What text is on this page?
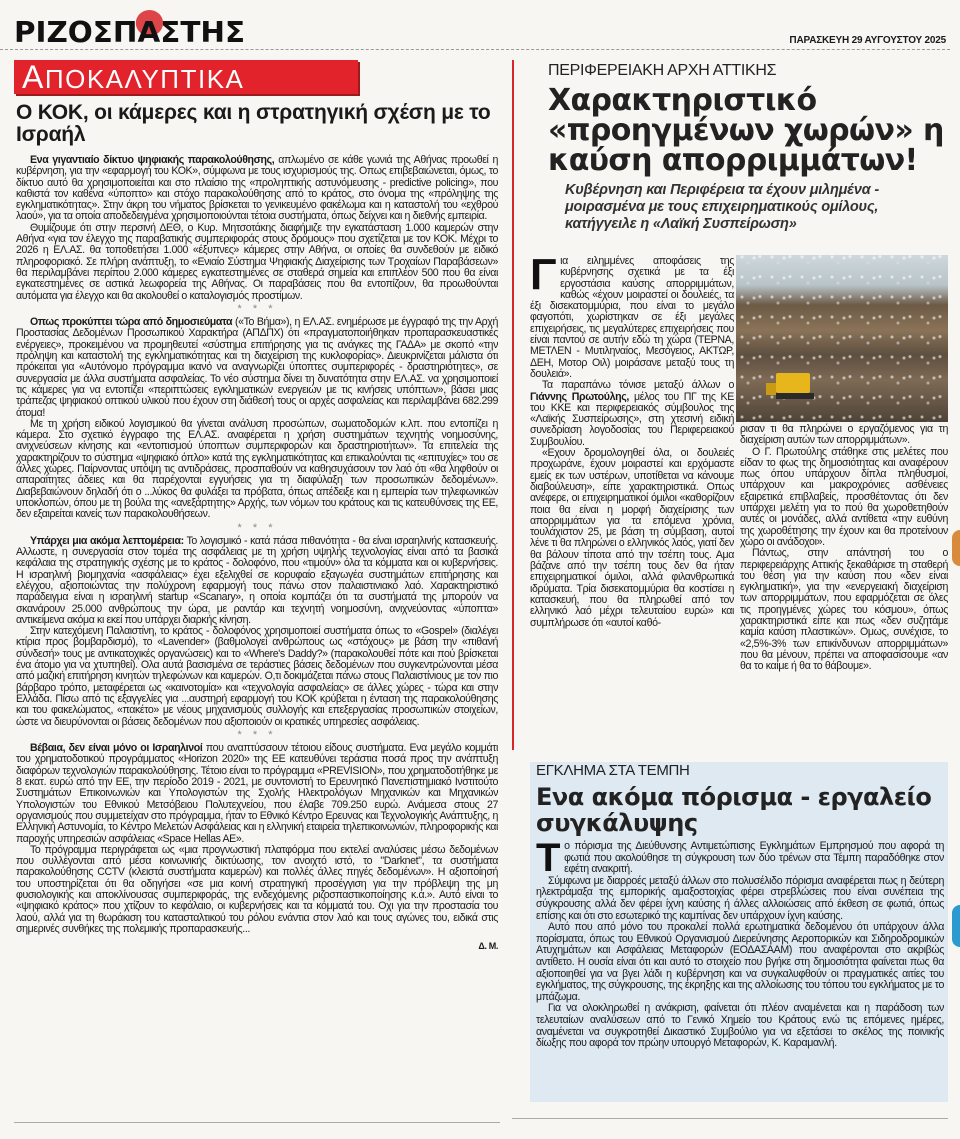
ΡΙΖΟΣΠΑΣΤΗΣ	ΠΑΡΑΣΚΕΥΗ 29 ΑΥΓΟΥΣΤΟΥ 2025
ΑΠΟΚΑΛΥΠΤΙΚΑ
Ο ΚΟΚ, οι κάμερες και η στρατηγική σχέση με το Ισραήλ

Ενα γιγαντιαίο δίκτυο ψηφιακής παρακολούθησης, απλωμένο σε κάθε γωνιά της Αθήνας προωθεί η κυβέρνηση, για την «εφαρμογή του ΚΟΚ», σύμφωνα με τους ισχυρισμούς της. Οπως επιβεβαιώνεται, όμως, το δίκτυο αυτό θα χρησιμοποιείται και στο πλαίσιο της «προληπτικής αστυνόμευσης - predictive policing», που καθιστά τον καθένα «ύποπτο» και στόχο παρακολούθησης από το κράτος, στο όνομα της «πρόληψης της εγκληματικότητας». Στην άκρη του νήματος βρίσκεται το γενικευμένο φακέλωμα και η καταστολή του «εχθρού λαού», για τα οποία αποδεδειγμένα χρησιμοποιούνται τέτοια συστήματα, όπως δείχνει και η διεθνής εμπειρία.

Θυμίζουμε ότι στην περσινή ΔΕΘ, ο Κυρ. Μητσοτάκης διαφήμιζε την εγκατάσταση 1.000 καμερών στην Αθήνα «για τον έλεγχο της παραβατικής συμπεριφοράς στους δρόμους» που σχετίζεται με τον ΚΟΚ. Μέχρι το 2026 η ΕΛ.ΑΣ. θα τοποθετήσει 1.000 «έξυπνες» κάμερες στην Αθήνα, οι οποίες θα συνδεθούν με ειδικό πληροφοριακό. Σε πλήρη ανάπτυξη, το «Ενιαίο Σύστημα Ψηφιακής Διαχείρισης των Τροχαίων Παραβάσεων» θα περιλαμβάνει περίπου 2.000 κάμερες εγκατεστημένες σε σταθερά σημεία και επιπλέον 500 που θα είναι εγκατεστημένες σε αστικά λεωφορεία της Αθήνας. Οι παραβάσεις που θα εντοπίζουν, θα προωθούνται αυτόματα για έλεγχο και θα ακολουθεί ο καταλογισμός προστίμων.

* * *

Οπως προκύπτει τώρα από δημοσιεύματα («Το Βήμα»), η ΕΛ.ΑΣ. ενημέρωσε με έγγραφό της την Αρχή Προστασίας Δεδομένων Προσωπικού Χαρακτήρα (ΑΠΔΠΧ) ότι «πραγματοποιήθηκαν προπαρασκευαστικές ενέργειες», προκειμένου να προμηθευτεί «σύστημα επιτήρησης για τις ανάγκες της ΓΑΔΑ» με σκοπό «την πρόληψη και καταστολή της εγκληματικότητας και τη διαχείριση της κυκλοφορίας». Διευκρινίζεται μάλιστα ότι πρόκειται για «Αυτόνομο πρόγραμμα ικανό να αναγνωρίζει ύποπτες συμπεριφορές - δραστηριότητες», σε συνεργασία με άλλα συστήματα ασφαλείας. Το νέο σύστημα δίνει τη δυνατότητα στην ΕΛ.ΑΣ. να χρησιμοποιεί τις κάμερες για να εντοπίζει «περιπτώσεις εγκληματικών ενεργειών με τις κινήσεις υπόπτων», βάσει μιας τράπεζας ψηφιακού οπτικού υλικού που έχουν στη διάθεσή τους οι αρχές ασφαλείας και περιλαμβάνει 682.299 άτομα!

Με τη χρήση ειδικού λογισμικού θα γίνεται ανάλυση προσώπων, σωματοδομών κ.λπ. που εντοπίζει η κάμερα. Στο σχετικό έγγραφο της ΕΛ.ΑΣ. αναφέρεται η χρήση συστημάτων τεχνητής νοημοσύνης, ανιχνεύσεων κίνησης και «εντοπισμού ύποπτων συμπεριφορών και δραστηριοτήτων». Τα επιτελεία της χαρακτηρίζουν το σύστημα «ψηφιακό όπλο» κατά της εγκληματικότητας και επικαλούνται τις «επιτυχίες» του σε άλλες χώρες. Παίρνοντας υπόψη τις αντιδράσεις, προσπαθούν να καθησυχάσουν τον λαό ότι «θα ληφθούν οι απαραίτητες άδειες και θα παρέχονται εγγυήσεις για τη διαφύλαξη των προσωπικών δεδομένων». Διαβεβαιώνουν δηλαδή ότι ο ...λύκος θα φυλάξει τα πρόβατα, όπως απέδειξε και η εμπειρία των τηλεφωνικών υποκλοπών, όπου με τη βούλα της «ανεξάρτητης» Αρχής, των νόμων του κράτους και τις κατευθύνσεις της ΕΕ, δεν εξαιρείται κανείς των παρακολουθήσεων.

* * *

Υπάρχει μια ακόμα λεπτομέρεια: Το λογισμικό - κατά πάσα πιθανότητα - θα είναι ισραηλινής κατασκευής. Αλλωστε, η συνεργασία στον τομέα της ασφάλειας με τη χρήση υψηλής τεχνολογίας είναι από τα βασικά κεφάλαια της στρατηγικής σχέσης με το κράτος - δολοφόνο, που «τιμούν» όλα τα κόμματα και οι κυβερνήσεις. Η ισραηλινή βιομηχανία «ασφάλειας» έχει εξελιχθεί σε κορυφαίο εξαγωγέα συστημάτων επιτήρησης και ελέγχου, αξιοποιώντας την πολύχρονη εφαρμογή τους πάνω στον παλαιστινιακό λαό. Χαρακτηριστικό παράδειγμα είναι η ισραηλινή startup «Scanary», η οποία κομπάζει ότι τα συστήματά της μπορούν να σκανάρουν 25.000 ανθρώπους την ώρα, με ραντάρ και τεχνητή νοημοσύνη, ανιχνεύοντας «ύποπτα» αντικείμενα ακόμα κι εκεί που υπάρχει διαρκής κίνηση.

Στην κατεχόμενη Παλαιστίνη, το κράτος - δολοφόνος χρησιμοποιεί συστήματα όπως το «Gospel» (διαλέγει κτίρια προς βομβαρδισμό), το «Lavender» (βαθμολογεί ανθρώπους ως «στόχους» με βάση την «πιθανή σύνδεσή» τους με αντικατοχικές οργανώσεις) και το «Where's Daddy?» (παρακολουθεί πότε και πού βρίσκεται ένα άτομο για να χτυπηθεί). Ολα αυτά βασισμένα σε τεράστιες βάσεις δεδομένων που συγκεντρώνονται μέσα από μαζική επιτήρηση κινητών τηλεφώνων και καμερών. Ο,τι δοκιμάζεται πάνω στους Παλαιστίνιους με τον πιο βάρβαρο τρόπο, μεταφέρεται ως «καινοτομία» και «τεχνολογία ασφαλείας» σε άλλες χώρες - τώρα και στην Ελλάδα. Πίσω από τις εξαγγελίες για ...αυστηρή εφαρμογή του ΚΟΚ κρύβεται η ένταση της παρακολούθησης και του φακελώματος, «πακέτο» με νέους μηχανισμούς συλλογής και επεξεργασίας προσωπικών στοιχείων, ώστε να διευρύνονται οι βάσεις δεδομένων που αξιοποιούν οι κρατικές υπηρεσίες ασφάλειας.

* * *

Βέβαια, δεν είναι μόνο οι Ισραηλινοί που αναπτύσσουν τέτοιου είδους συστήματα. Ενα μεγάλο κομμάτι του χρηματοδοτικού προγράμματος «Horizon 2020» της ΕΕ κατευθύνει τεράστια ποσά προς την ανάπτυξη διαφόρων τεχνολογιών παρακολούθησης. Τέτοιο είναι το πρόγραμμα «PREVISION», που χρηματοδοτήθηκε με 8 εκατ. ευρώ από την ΕΕ, την περίοδο 2019 - 2021, με συντονιστή το Ερευνητικό Πανεπιστημιακό Ινστιτούτο Συστημάτων Επικοινωνιών και Υπολογιστών της Σχολής Ηλεκτρολόγων Μηχανικών και Μηχανικών Υπολογιστών του Εθνικού Μετσόβειου Πολυτεχνείου, που έλαβε 709.250 ευρώ. Ανάμεσα στους 27 οργανισμούς που συμμετείχαν στο πρόγραμμα, ήταν το Εθνικό Κέντρο Ερευνας και Τεχνολογικής Ανάπτυξης, η Ελληνική Αστυνομία, το Κέντρο Μελετών Ασφάλειας και η ελληνική εταιρεία τηλεπικοινωνιών, πληροφορικής και παροχής υπηρεσιών ασφάλειας «Space Hellas AE».

Το πρόγραμμα περιγράφεται ως «μια προγνωστική πλατφόρμα που εκτελεί αναλύσεις μέσω δεδομένων που συλλέγονται από μέσα κοινωνικής δικτύωσης, τον ανοιχτό ιστό, το "Darknet", τα συστήματα παρακολούθησης CCTV (κλειστά συστήματα καμερών) και πολλές άλλες πηγές δεδομένων». Η αξιοποίησή του υποστηρίζεται ότι θα οδηγήσει «σε μια κοινή στρατηγική προσέγγιση για την πρόβλεψη της μη φυσιολογικής και αποκλίνουσας συμπεριφοράς, της ενδεχόμενης ριζοσπαστικοποίησης κ.ά.». Αυτό είναι το «ψηφιακό κράτος» που χτίζουν το κεφάλαιο, οι κυβερνήσεις και τα κόμματά του. Οχι για την προστασία του λαού, αλλά για τη θωράκιση του κατασταλτικού του ρόλου ενάντια στον λαό και τους αγώνες του, ειδικά στις σημερινές συνθήκες της πολεμικής προπαρασκευής...

Δ. Μ.

ΠΕΡΙΦΕΡΕΙΑΚΗ ΑΡΧΗ ΑΤΤΙΚΗΣ
Χαρακτηριστικό «προηγμένων χωρών» η καύση απορριμμάτων!
Κυβέρνηση και Περιφέρεια τα έχουν μιλημένα - μοιρασμένα με τους επιχειρηματικούς ομίλους, κατήγγειλε η «Λαϊκή Συσπείρωση»

Για ειλημμένες αποφάσεις της κυβέρνησης σχετικά με τα έξι εργοστάσια καύσης απορριμμάτων, καθώς «έχουν μοιραστεί οι δουλειές, τα έξι δισεκατομμύρια, που είναι το μεγάλο φαγοπότι, χωρίστηκαν σε έξι μεγάλες επιχειρήσεις, τις μεγαλύτερες επιχειρήσεις που είναι παντού σε αυτήν εδώ τη χώρα (ΤΕΡΝΑ, ΜΕΤΛΕΝ - Μυτιληναίος, Μεσόγειος, ΑΚΤΩΡ, ΔΕΗ, Μοτορ Οιλ) μοιράσανε μεταξύ τους τη δουλειά».

Τα παραπάνω τόνισε μεταξύ άλλων ο Γιάννης Πρωτούλης, μέλος του ΠΓ της ΚΕ του ΚΚΕ και περιφερειακός σύμβουλος της «Λαϊκής Συσπείρωσης», στη χτεσινή ειδική συνεδρίαση λογοδοσίας του Περιφερειακού Συμβουλίου.

«Εχουν δρομολογηθεί όλα, οι δουλειές προχωράνε, έχουν μοιραστεί και ερχόμαστε εμείς εκ των υστέρων, υποτίθεται να κάνουμε διαβούλευση», είπε χαρακτηριστικά. Οπως ανέφερε, οι επιχειρηματικοί όμιλοι «καθορίζουν ποια θα είναι η μορφή διαχείρισης των απορριμμάτων για τα επόμενα χρόνια, τουλάχιστον 25, με βάση τη σύμβαση, αυτοί λένε τι θα πληρώνει ο ελληνικός λαός, γιατί δεν θα βάλουν τίποτα από την τσέπη τους. Αμα βάζανε από την τσέπη τους δεν θα ήταν επιχειρηματικοί όμιλοι, αλλά φιλανθρωπικά ιδρύματα. Τρία δισεκατομμύρια θα κοστίσει η κατασκευή, που θα πληρωθεί από τον ελληνικό λαό μέχρι τελευταίου ευρώ» και συμπλήρωσε ότι «αυτοί καθό-

ρισαν τι θα πληρώνει ο εργαζόμενος για τη διαχείριση αυτών των απορριμμάτων».

Ο Γ. Πρωτούλης στάθηκε στις μελέτες που είδαν το φως της δημοσιότητας και αναφέρουν πως όπου υπάρχουν δίπλα πληθυσμοί, υπάρχουν και μακροχρόνιες ασθένειες εξαιρετικά επιβλαβείς, προσθέτοντας ότι δεν υπάρχει μελέτη για το πού θα χωροθετηθούν αυτές οι μονάδες, αλλά αντίθετα «την ευθύνη της χωροθέτησης την έχουν και θα προτείνουν χώρο οι ανάδοχοι».

Πάντως, στην απάντησή του ο περιφερειάρχης Αττικής ξεκαθάρισε τη σταθερή του θέση για την καύση που «δεν είναι εγκληματική», για την «ενεργειακή διαχείριση των απορριμμάτων, που εφαρμόζεται σε όλες τις προηγμένες χώρες του κόσμου», όπως χαρακτηριστικά είπε και πως «δεν συζητάμε καμία καύση πλαστικών». Ομως, συνέχισε, το «2,5%-3% των επικίνδυνων απορριμμάτων» που θα μένουν, πρέπει να αποφασίσουμε «αν θα το καίμε ή θα το θάβουμε».

ΕΓΚΛΗΜΑ ΣΤΑ ΤΕΜΠΗ
Ενα ακόμα πόρισμα - εργαλείο συγκάλυψης

Το πόρισμα της Διεύθυνσης Αντιμετώπισης Εγκλημάτων Εμπρησμού που αφορά τη φωτιά που ακολούθησε τη σύγκρουση των δύο τρένων στα Τέμπη παραδόθηκε στον εφέτη ανακριτή.

Σύμφωνα με διαρροές μεταξύ άλλων στο πολυσέλιδο πόρισμα αναφέρεται πως η δεύτερη ηλεκτράμαξα της εμπορικής αμαξοστοιχίας φέρει στρεβλώσεις που είναι συνέπεια της σύγκρουσης αλλά δεν φέρει ίχνη καύσης ή άλλες αλλοιώσεις από έκθεση σε φωτιά, όπως επίσης και ότι στο εσωτερικό της καμπίνας δεν υπάρχουν ίχνη καύσης.

Αυτό που από μόνο του προκαλεί πολλά ερωτηματικά δεδομένου ότι υπάρχουν άλλα πορίσματα, όπως του Εθνικού Οργανισμού Διερεύνησης Αεροπορικών και Σιδηροδρομικών Ατυχημάτων και Ασφάλειας Μεταφορών (ΕΟΔΑΣΑΑΜ) που αναφέρονται στο ακριβώς αντίθετο. Η ουσία είναι ότι και αυτό το στοιχείο που βγήκε στη δημοσιότητα φαίνεται πως θα αξιοποιηθεί για να βγει λάδι η κυβέρνηση και να συγκαλυφθούν οι πραγματικές αιτίες του εγκλήματος, της σύγκρουσης, της έκρηξης και της αλλοίωσης του τόπου του εγκλήματος με το μπάζωμα.

Για να ολοκληρωθεί η ανάκριση, φαίνεται ότι πλέον αναμένεται και η παράδοση των τελευταίων αναλύσεων από το Γενικό Χημείο του Κράτους ενώ τις επόμενες ημέρες, αναμένεται να συγκροτηθεί Δικαστικό Συμβούλιο για να εξετάσει το σκέλος της ποινικής δίωξης που αφορά τον πρώην υπουργό Μεταφορών, Κ. Καραμανλή.
